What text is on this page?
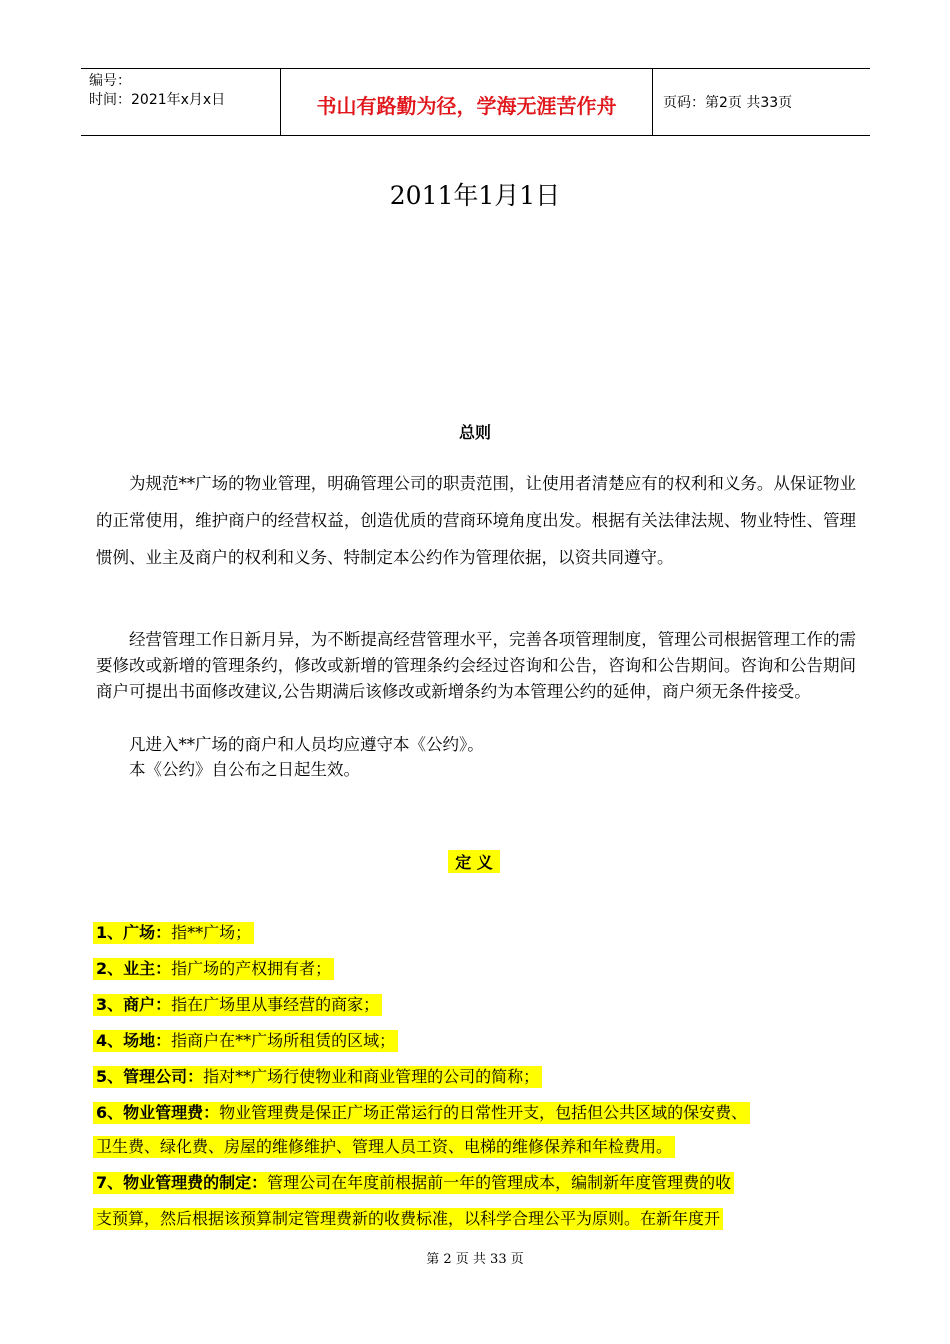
编号：
时间：2021年x月x日	书山有路勤为径，学海无涯苦作舟	页码：第2页 共33页
2011年1月1日
总则
为规范**广场的物业管理，明确管理公司的职责范围，让使用者清楚应有的权利和义务。从保证物业的正常使用，维护商户的经营权益，创造优质的营商环境角度出发。根据有关法律法规、物业特性、管理惯例、业主及商户的权利和义务、特制定本公约作为管理依据，以资共同遵守。
经营管理工作日新月异，为不断提高经营管理水平，完善各项管理制度，管理公司根据管理工作的需要修改或新增的管理条约，修改或新增的管理条约会经过咨询和公告，咨询和公告期间。咨询和公告期间商户可提出书面修改建议,公告期满后该修改或新增条约为本管理公约的延伸，商户须无条件接受。
凡进入**广场的商户和人员均应遵守本《公约》。
本《公约》自公布之日起生效。
定 义
1、广场：指**广场；
2、业主：指广场的产权拥有者；
3、商户：指在广场里从事经营的商家；
4、场地：指商户在**广场所租赁的区域；
5、管理公司：指对**广场行使物业和商业管理的公司的简称；
6、物业管理费：物业管理费是保正广场正常运行的日常性开支，包括但公共区域的保安费、
卫生费、绿化费、房屋的维修维护、管理人员工资、电梯的维修保养和年检费用。
7、物业管理费的制定：管理公司在年度前根据前一年的管理成本，编制新年度管理费的收
支预算，然后根据该预算制定管理费新的收费标准，以科学合理公平为原则。在新年度开
第 2 页 共 33 页
